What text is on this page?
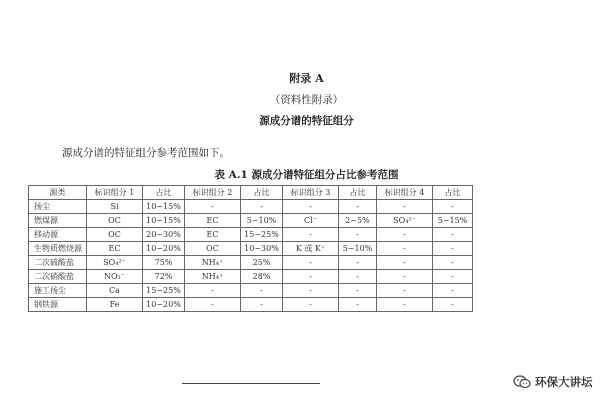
附录 A
（资料性附录）
源成分谱的特征组分
源成分谱的特征组分参考范围如下。
表 A.1 源成分谱特征组分占比参考范围
源类	标识组分 1	占比	标识组分 2	占比	标识组分 3	占比	标识组分 4	占比
扬尘	Si	10~15%	-	-	-	-	-	-
燃煤源	OC	10~15%	EC	5~10%	Cl⁻	2~5%	SO₄²⁻	5~15%
移动源	OC	20~30%	EC	15~25%	-	-	-	-
生物质燃烧源	EC	10~20%	OC	10~30%	K 或 K⁺	5~10%	-	-
二次硫酸盐	SO₄²⁻	75%	NH₄⁺	25%	-	-	-	-
二次硝酸盐	NO₃⁻	72%	NH₄⁺	28%	-	-	-	-
施工扬尘	Ca	15~25%	-	-	-	-	-	-
钢铁源	Fe	10~20%	-	-	-	-	-	-
环保大讲坛
